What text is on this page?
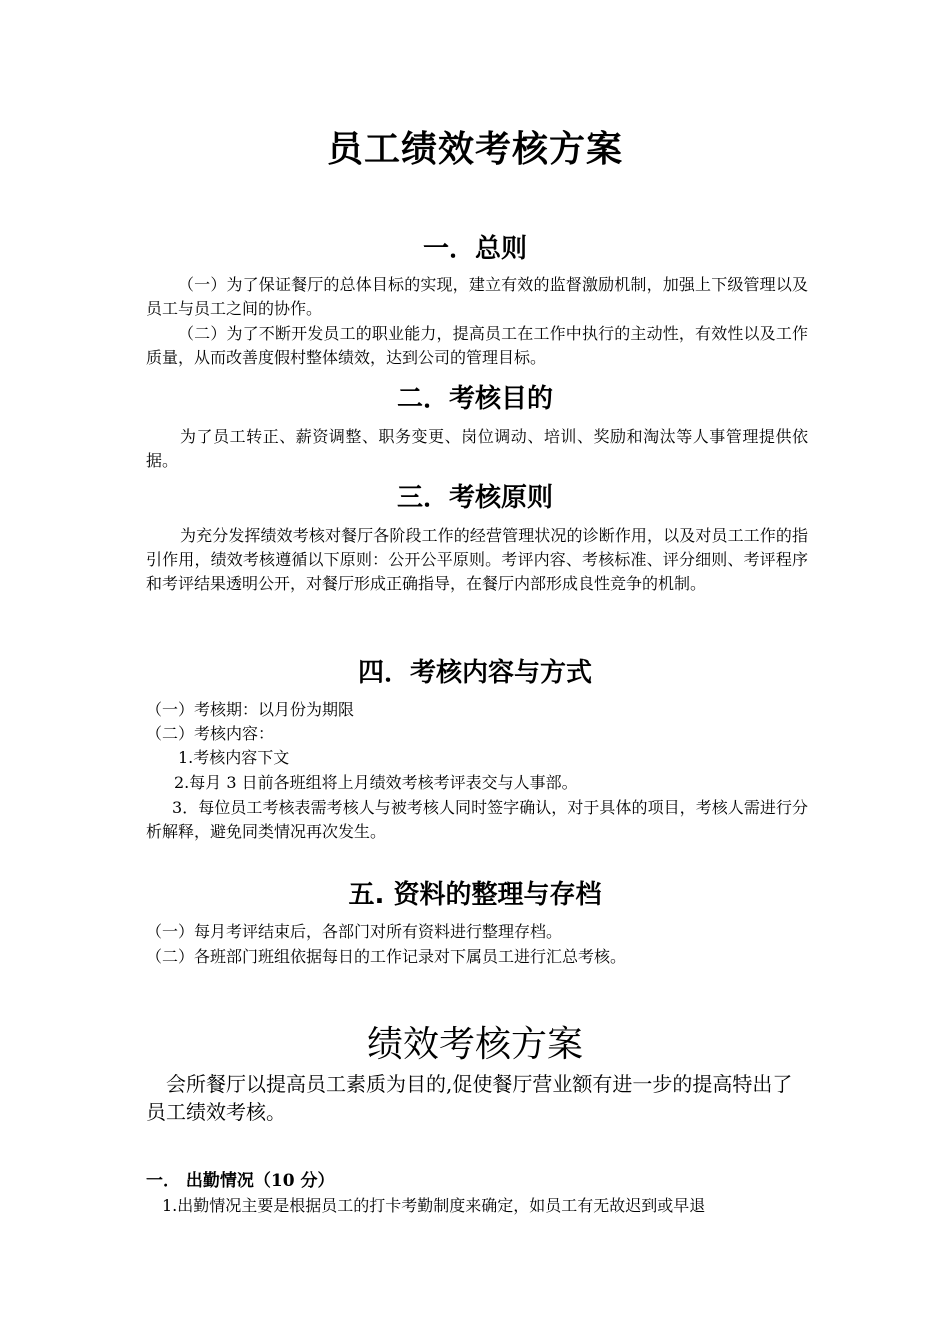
员工绩效考核方案
一．总则
（一）为了保证餐厅的总体目标的实现，建立有效的监督激励机制，加强上下级管理以及员工与员工之间的协作。
（二）为了不断开发员工的职业能力，提高员工在工作中执行的主动性，有效性以及工作质量，从而改善度假村整体绩效，达到公司的管理目标。
二．考核目的
为了员工转正、薪资调整、职务变更、岗位调动、培训、奖励和淘汰等人事管理提供依据。
三．考核原则
为充分发挥绩效考核对餐厅各阶段工作的经营管理状况的诊断作用，以及对员工工作的指引作用，绩效考核遵循以下原则：公开公平原则。考评内容、考核标准、评分细则、考评程序和考评结果透明公开，对餐厅形成正确指导，在餐厅内部形成良性竞争的机制。
四．考核内容与方式
（一）考核期：以月份为期限
（二）考核内容：
1.考核内容下文
2.每月 3 日前各班组将上月绩效考核考评表交与人事部。
3．每位员工考核表需考核人与被考核人同时签字确认，对于具体的项目，考核人需进行分析解释，避免同类情况再次发生。
五. 资料的整理与存档
（一）每月考评结束后，各部门对所有资料进行整理存档。
（二）各班部门班组依据每日的工作记录对下属员工进行汇总考核。
绩效考核方案
会所餐厅以提高员工素质为目的,促使餐厅营业额有进一步的提高特出了员工绩效考核。
一． 出勤情况（10 分）
1.出勤情况主要是根据员工的打卡考勤制度来确定，如员工有无故迟到或早退
